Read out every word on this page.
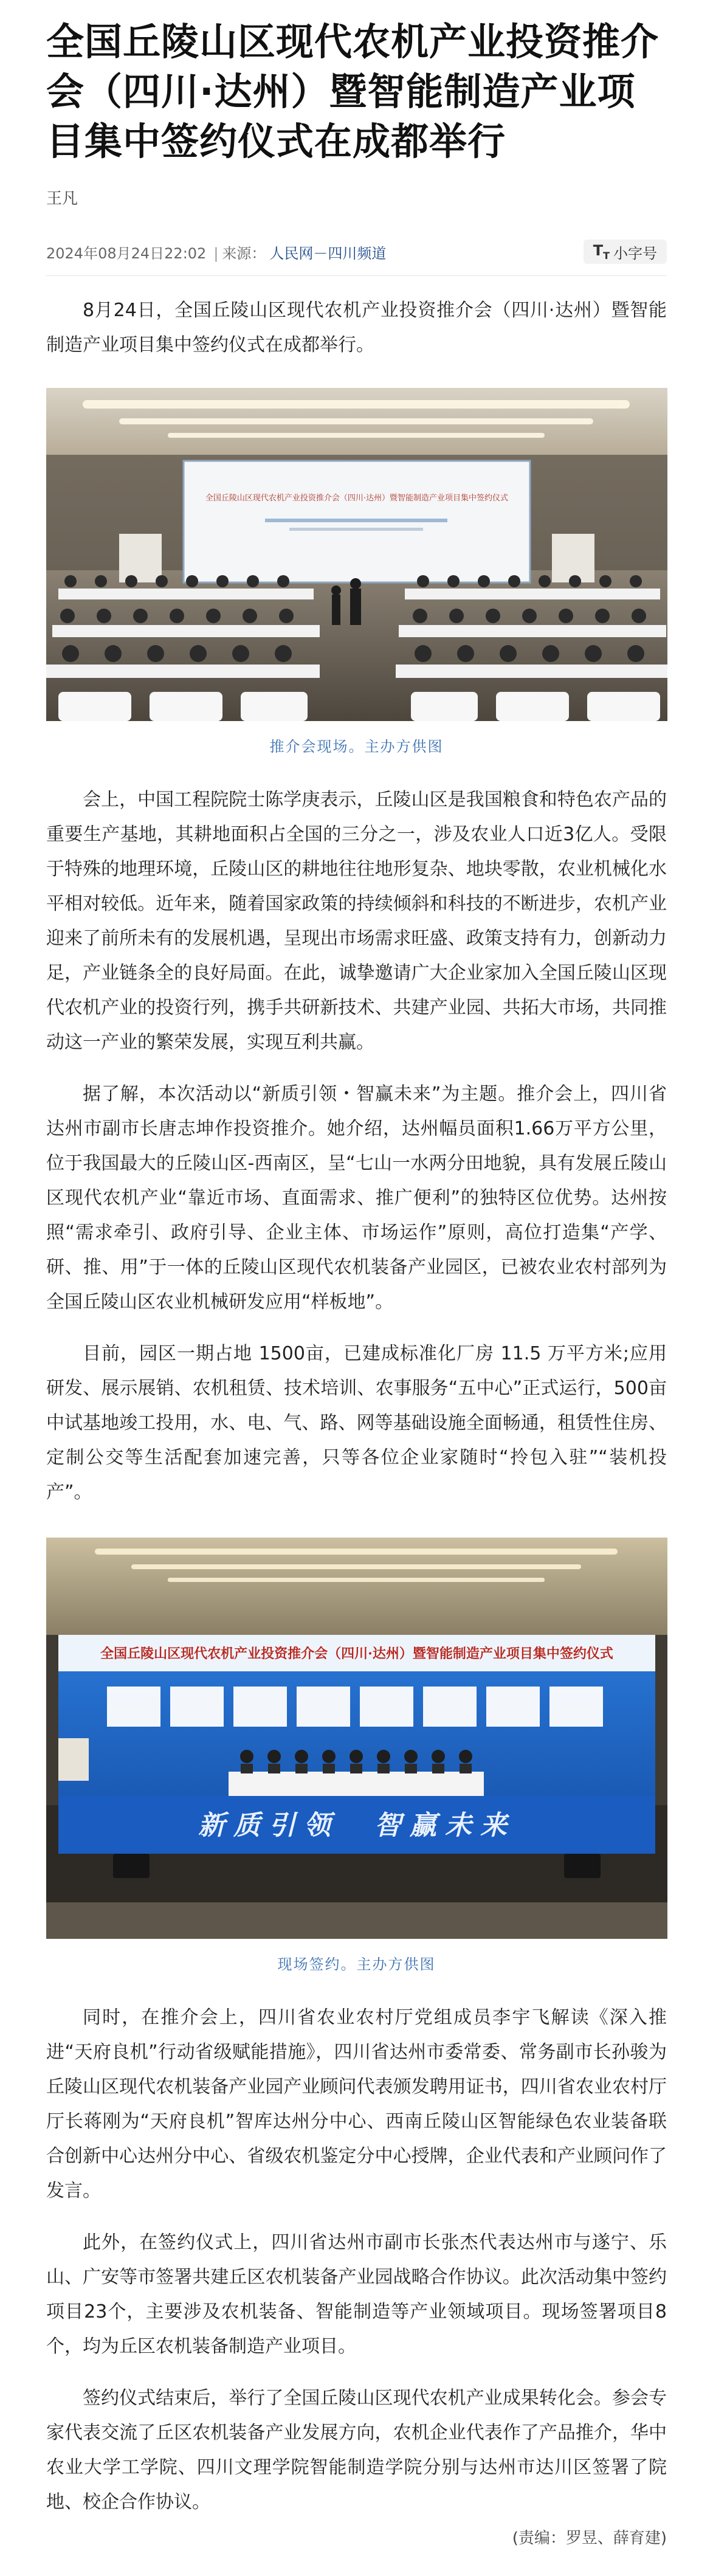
全国丘陵山区现代农机产业投资推介会（四川·达州）暨智能制造产业项目集中签约仪式在成都举行
王凡
2024年08月24日22:02 | 来源： 人民网－四川频道	$T_T$ 小字号

8月24日，全国丘陵山区现代农机产业投资推介会（四川·达州）暨智能制造产业项目集中签约仪式在成都举行。

全国丘陵山区现代农机产业投资推介会（四川·达州）暨智能制造产业项目集中签约仪式
推介会现场。主办方供图

会上，中国工程院院士陈学庚表示，丘陵山区是我国粮食和特色农产品的重要生产基地，其耕地面积占全国的三分之一，涉及农业人口近3亿人。受限于特殊的地理环境，丘陵山区的耕地往往地形复杂、地块零散，农业机械化水平相对较低。近年来，随着国家政策的持续倾斜和科技的不断进步，农机产业迎来了前所未有的发展机遇，呈现出市场需求旺盛、政策支持有力，创新动力足，产业链条全的良好局面。在此，诚挚邀请广大企业家加入全国丘陵山区现代农机产业的投资行列，携手共研新技术、共建产业园、共拓大市场，共同推动这一产业的繁荣发展，实现互利共赢。

据了解，本次活动以“新质引领・智赢未来”为主题。推介会上，四川省达州市副市长唐志坤作投资推介。她介绍，达州幅员面积1.66万平方公里，位于我国最大的丘陵山区-西南区，呈“七山一水两分田地貌，具有发展丘陵山区现代农机产业“靠近市场、直面需求、推广便利”的独特区位优势。达州按照“需求牵引、政府引导、企业主体、市场运作”原则，高位打造集“产学、研、推、用”于一体的丘陵山区现代农机装备产业园区，已被农业农村部列为全国丘陵山区农业机械研发应用“样板地”。

目前，园区一期占地 1500亩，已建成标准化厂房 11.5 万平方米;应用研发、展示展销、农机租赁、技术培训、农事服务“五中心”正式运行，500亩中试基地竣工投用，水、电、气、路、网等基础设施全面畅通，租赁性住房、定制公交等生活配套加速完善，只等各位企业家随时“拎包入驻”“装机投产”。

全国丘陵山区现代农机产业投资推介会（四川·达州）暨智能制造产业项目集中签约仪式
新质引领　智赢未来
现场签约。主办方供图

同时，在推介会上，四川省农业农村厅党组成员李宇飞解读《深入推进“天府良机”行动省级赋能措施》，四川省达州市委常委、常务副市长孙骏为丘陵山区现代农机装备产业园产业顾问代表颁发聘用证书，四川省农业农村厅厅长蒋刚为“天府良机”智库达州分中心、西南丘陵山区智能绿色农业装备联合创新中心达州分中心、省级农机鉴定分中心授牌，企业代表和产业顾问作了发言。

此外，在签约仪式上，四川省达州市副市长张杰代表达州市与遂宁、乐山、广安等市签署共建丘区农机装备产业园战略合作协议。此次活动集中签约项目23个，主要涉及农机装备、智能制造等产业领域项目。现场签署项目8个，均为丘区农机装备制造产业项目。

签约仪式结束后，举行了全国丘陵山区现代农机产业成果转化会。参会专家代表交流了丘区农机装备产业发展方向，农机企业代表作了产品推介，华中农业大学工学院、四川文理学院智能制造学院分别与达州市达川区签署了院地、校企合作协议。

(责编：罗昱、薛育建)
